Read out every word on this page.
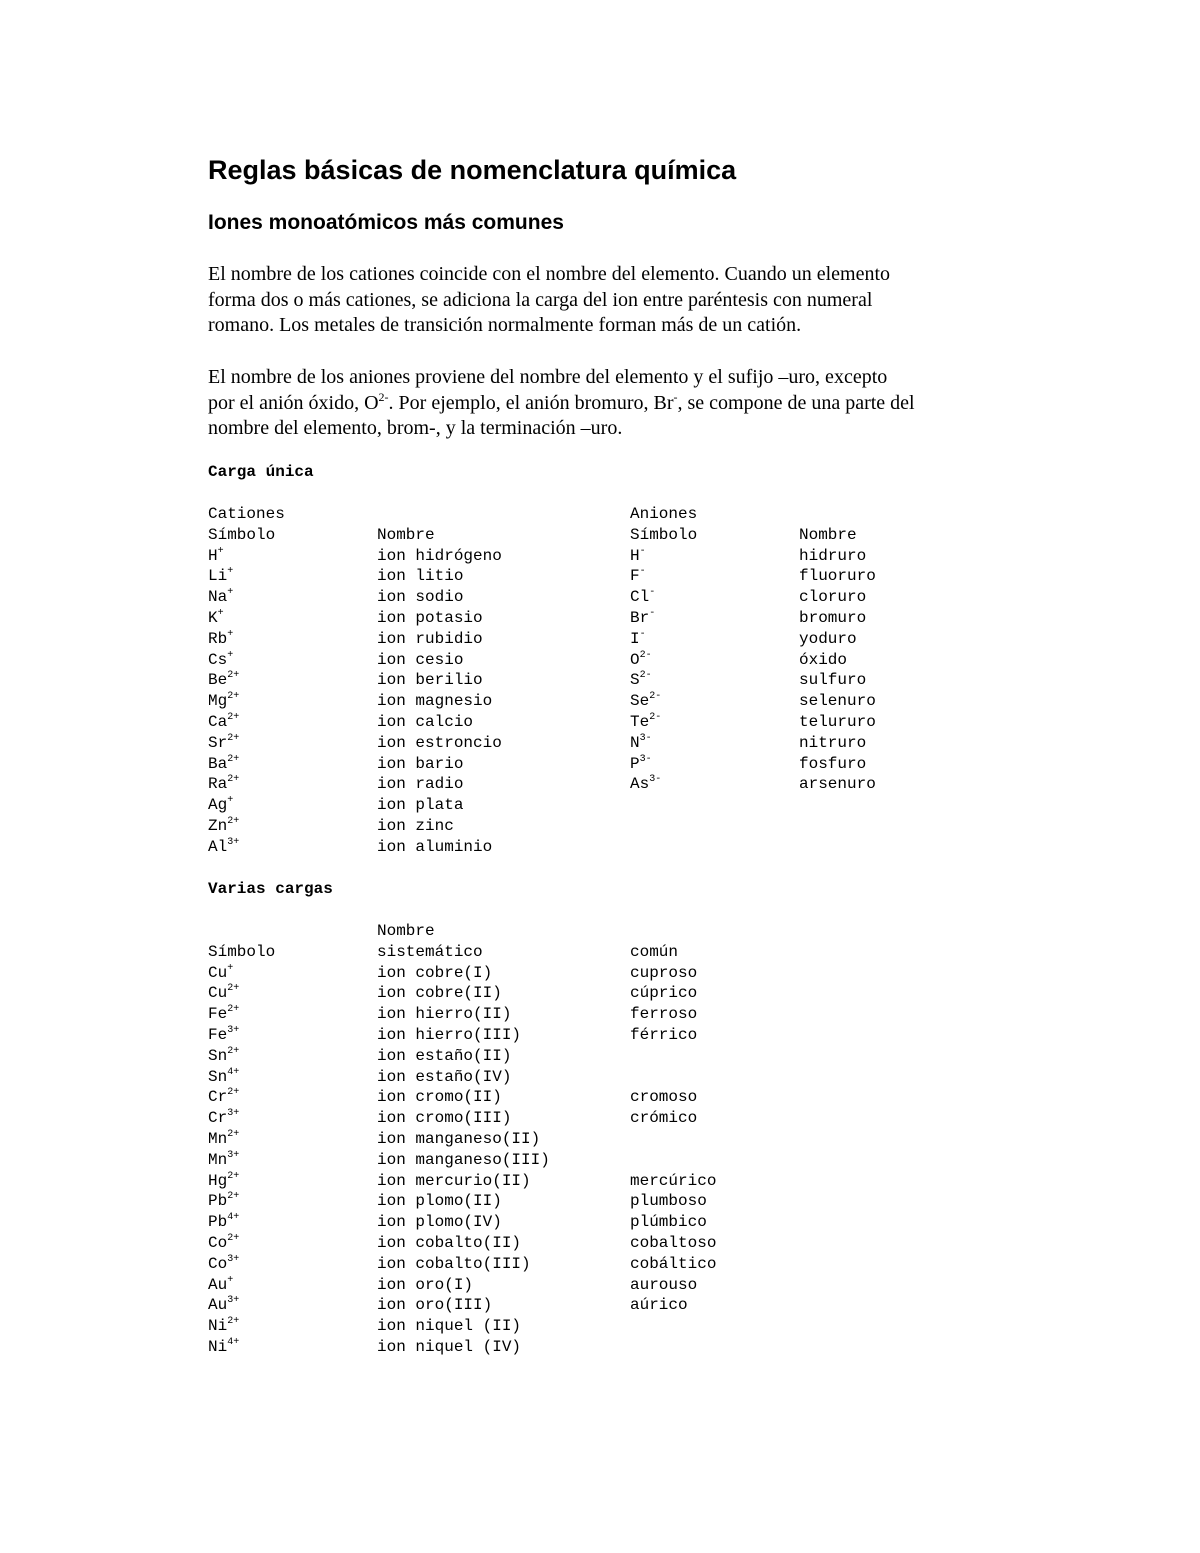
Reglas básicas de nomenclatura química
Iones monoatómicos más comunes

El nombre de los cationes coincide con el nombre del elemento. Cuando un elemento
forma dos o más cationes, se adiciona la carga del ion entre paréntesis con numeral
romano. Los metales de transición normalmente forman más de un catión.

El nombre de los aniones proviene del nombre del elemento y el sufijo –uro, excepto
por el anión óxido, $O^{2-}$. Por ejemplo, el anión bromuro, Br-, se compone de una parte del
nombre del elemento, brom-, y la terminación –uro.

Carga única
Cationes	Aniones
Símbolo	Nombre	Símbolo	Nombre
H+	ion hidrógeno	H-	hidruro
Li+	ion litio	F-	fluoruro
Na+	ion sodio	Cl-	cloruro
K+	ion potasio	Br-	bromuro
Rb+	ion rubidio	I-	yoduro
Cs+	ion cesio	$O^{2-}$	óxido
$Be^{2+}$	ion berilio	$S^{2-}$	sulfuro
$Mg^{2+}$	ion magnesio	$Se^{2-}$	selenuro
$Ca^{2+}$	ion calcio	$Te^{2-}$	telururo
$Sr^{2+}$	ion estroncio	$N^{3-}$	nitruro
$Ba^{2+}$	ion bario	$P^{3-}$	fosfuro
$Ra^{2+}$	ion radio	$As^{3-}$	arsenuro
Ag+	ion plata
$Zn^{2+}$	ion zinc
$Al^{3+}$	ion aluminio
Varias cargas
Nombre
Símbolo	sistemático	común
Cu+	ion cobre(I)	cuproso
$Cu^{2+}$	ion cobre(II)	cúprico
$Fe^{2+}$	ion hierro(II)	ferroso
$Fe^{3+}$	ion hierro(III)	férrico
$Sn^{2+}$	ion estaño(II)
$Sn^{4+}$	ion estaño(IV)
$Cr^{2+}$	ion cromo(II)	cromoso
$Cr^{3+}$	ion cromo(III)	crómico
$Mn^{2+}$	ion manganeso(II)
$Mn^{3+}$	ion manganeso(III)
$Hg^{2+}$	ion mercurio(II)	mercúrico
$Pb^{2+}$	ion plomo(II)	plumboso
$Pb^{4+}$	ion plomo(IV)	plúmbico
$Co^{2+}$	ion cobalto(II)	cobaltoso
$Co^{3+}$	ion cobalto(III)	cobáltico
Au+	ion oro(I)	aurouso
$Au^{3+}$	ion oro(III)	aúrico
$Ni^{2+}$	ion niquel (II)
$Ni^{4+}$	ion niquel (IV)
